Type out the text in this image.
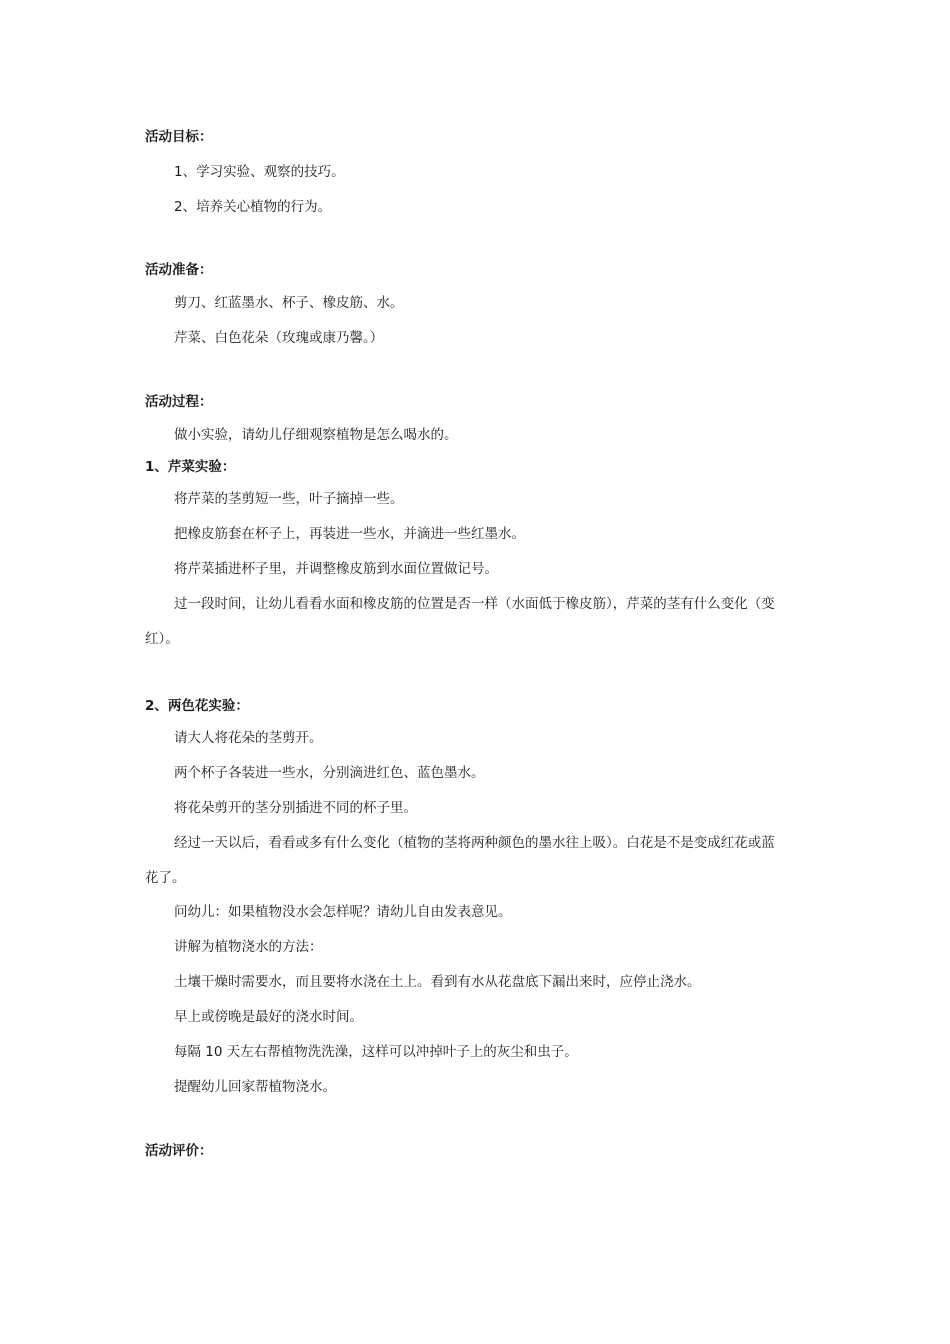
活动目标：
1、学习实验、观察的技巧。
2、培养关心植物的行为。
活动准备：
剪刀、红蓝墨水、杯子、橡皮筋、水。
芹菜、白色花朵（玫瑰或康乃馨。）
活动过程：
做小实验，请幼儿仔细观察植物是怎么喝水的。
1、芹菜实验：
将芹菜的茎剪短一些，叶子摘掉一些。
把橡皮筋套在杯子上，再装进一些水，并滴进一些红墨水。
将芹菜插进杯子里，并调整橡皮筋到水面位置做记号。
过一段时间，让幼儿看看水面和橡皮筋的位置是否一样（水面低于橡皮筋），芹菜的茎有什么变化（变
红）。
2、两色花实验：
请大人将花朵的茎剪开。
两个杯子各装进一些水，分别滴进红色、蓝色墨水。
将花朵剪开的茎分别插进不同的杯子里。
经过一天以后，看看或多有什么变化（植物的茎将两种颜色的墨水往上吸）。白花是不是变成红花或蓝
花了。
问幼儿：如果植物没水会怎样呢？请幼儿自由发表意见。
讲解为植物浇水的方法：
土壤干燥时需要水，而且要将水浇在土上。看到有水从花盘底下漏出来时，应停止浇水。
早上或傍晚是最好的浇水时间。
每隔 10 天左右帮植物洗洗澡，这样可以冲掉叶子上的灰尘和虫子。
提醒幼儿回家帮植物浇水。
活动评价：
